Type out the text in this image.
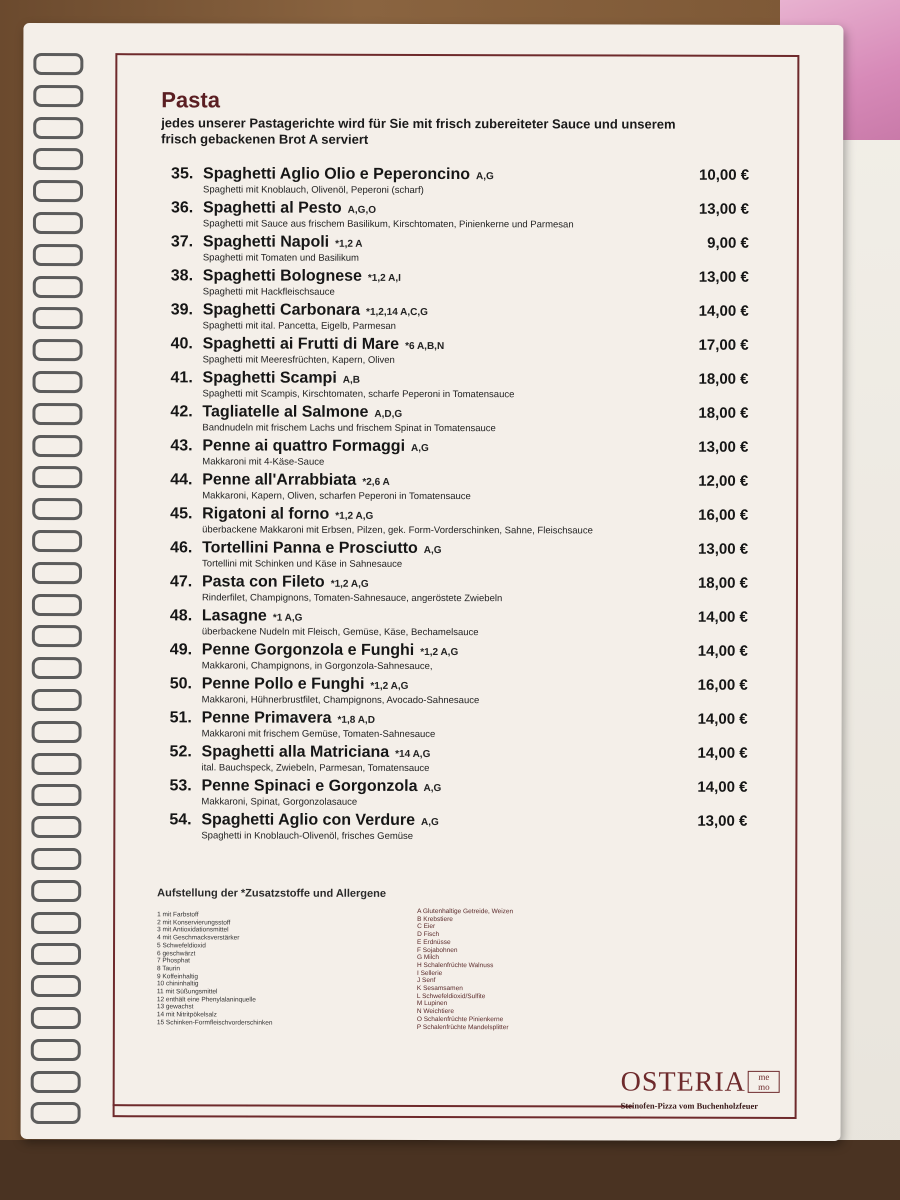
Pasta
jedes unserer Pastagerichte wird für Sie mit frisch zubereiteter Sauce und unserem frisch gebackenen Brot A serviert
35. Spaghetti Aglio Olio e Peperoncino A,G
Spaghetti mit Knoblauch, Olivenöl, Peperoni (scharf)
10,00 €
36. Spaghetti al Pesto A,G,O
Spaghetti mit Sauce aus frischem Basilikum, Kirschtomaten, Pinienkerne und Parmesan
13,00 €
37. Spaghetti Napoli *1,2 A
Spaghetti mit Tomaten und Basilikum
9,00 €
38. Spaghetti Bolognese *1,2 A,I
Spaghetti mit Hackfleischsauce
13,00 €
39. Spaghetti Carbonara *1,2,14 A,C,G
Spaghetti mit ital. Pancetta, Eigelb, Parmesan
14,00 €
40. Spaghetti ai Frutti di Mare *6 A,B,N
Spaghetti mit Meeresfrüchten, Kapern, Oliven
17,00 €
41. Spaghetti Scampi A,B
Spaghetti mit Scampis, Kirschtomaten, scharfe Peperoni in Tomatensauce
18,00 €
42. Tagliatelle al Salmone A,D,G
Bandnudeln mit frischem Lachs und frischem Spinat in Tomatensauce
18,00 €
43. Penne ai quattro Formaggi A,G
Makkaroni mit 4-Käse-Sauce
13,00 €
44. Penne all'Arrabbiata *2,6 A
Makkaroni, Kapern, Oliven, scharfen Peperoni in Tomatensauce
12,00 €
45. Rigatoni al forno *1,2 A,G
überbackene Makkaroni mit Erbsen, Pilzen, gek. Form-Vorderschinken, Sahne, Fleischsauce
16,00 €
46. Tortellini Panna e Prosciutto A,G
Tortellini mit Schinken und Käse in Sahnesauce
13,00 €
47. Pasta con Fileto *1,2 A,G
Rinderfilet, Champignons, Tomaten-Sahnesauce, angeröstete Zwiebeln
18,00 €
48. Lasagne *1 A,G
überbackene Nudeln mit Fleisch, Gemüse, Käse, Bechamelsauce
14,00 €
49. Penne Gorgonzola e Funghi *1,2 A,G
Makkaroni, Champignons, in Gorgonzola-Sahnesauce,
14,00 €
50. Penne Pollo e Funghi *1,2 A,G
Makkaroni, Hühnerbrustfilet, Champignons, Avocado-Sahnesauce
16,00 €
51. Penne Primavera *1,8 A,D
Makkaroni mit frischem Gemüse, Tomaten-Sahnesauce
14,00 €
52. Spaghetti alla Matriciana *14 A,G
ital. Bauchspeck, Zwiebeln, Parmesan, Tomatensauce
14,00 €
53. Penne Spinaci e Gorgonzola A,G
Makkaroni, Spinat, Gorgonzolasauce
14,00 €
54. Spaghetti Aglio con Verdure A,G
Spaghetti in Knoblauch-Olivenöl, frisches Gemüse
13,00 €
Aufstellung der *Zusatzstoffe und Allergene
1 mit Farbstoff
2 mit Konservierungsstoff
3 mit Antioxidationsmittel
4 mit Geschmacksverstärker
5 Schwefeldioxid
6 geschwärzt
7 Phosphat
8 Taurin
9 Koffeinhaltig
10 chininhaltig
11 mit Süßungsmittel
12 enthält eine Phenylalaninquelle
13 gewachst
14 mit Nitritpökelsalz
15 Schinken-Formfleischvorderschinken
A Glutenhaltige Getreide, Weizen
B Krebstiere
C Eier
D Fisch
E Erdnüsse
F Sojabohnen
G Milch
H Schalenfrüchte Walnuss
I Sellerie
J Senf
K Sesamsamen
L Schwefeldioxid/Sulfite
M Lupinen
N Weichtiere
O Schalenfrüchte Pinienkerne
P Schalenfrüchte Mandelsplitter
OSTERIA me
mo
Steinofen-Pizza vom Buchenholzfeuer
